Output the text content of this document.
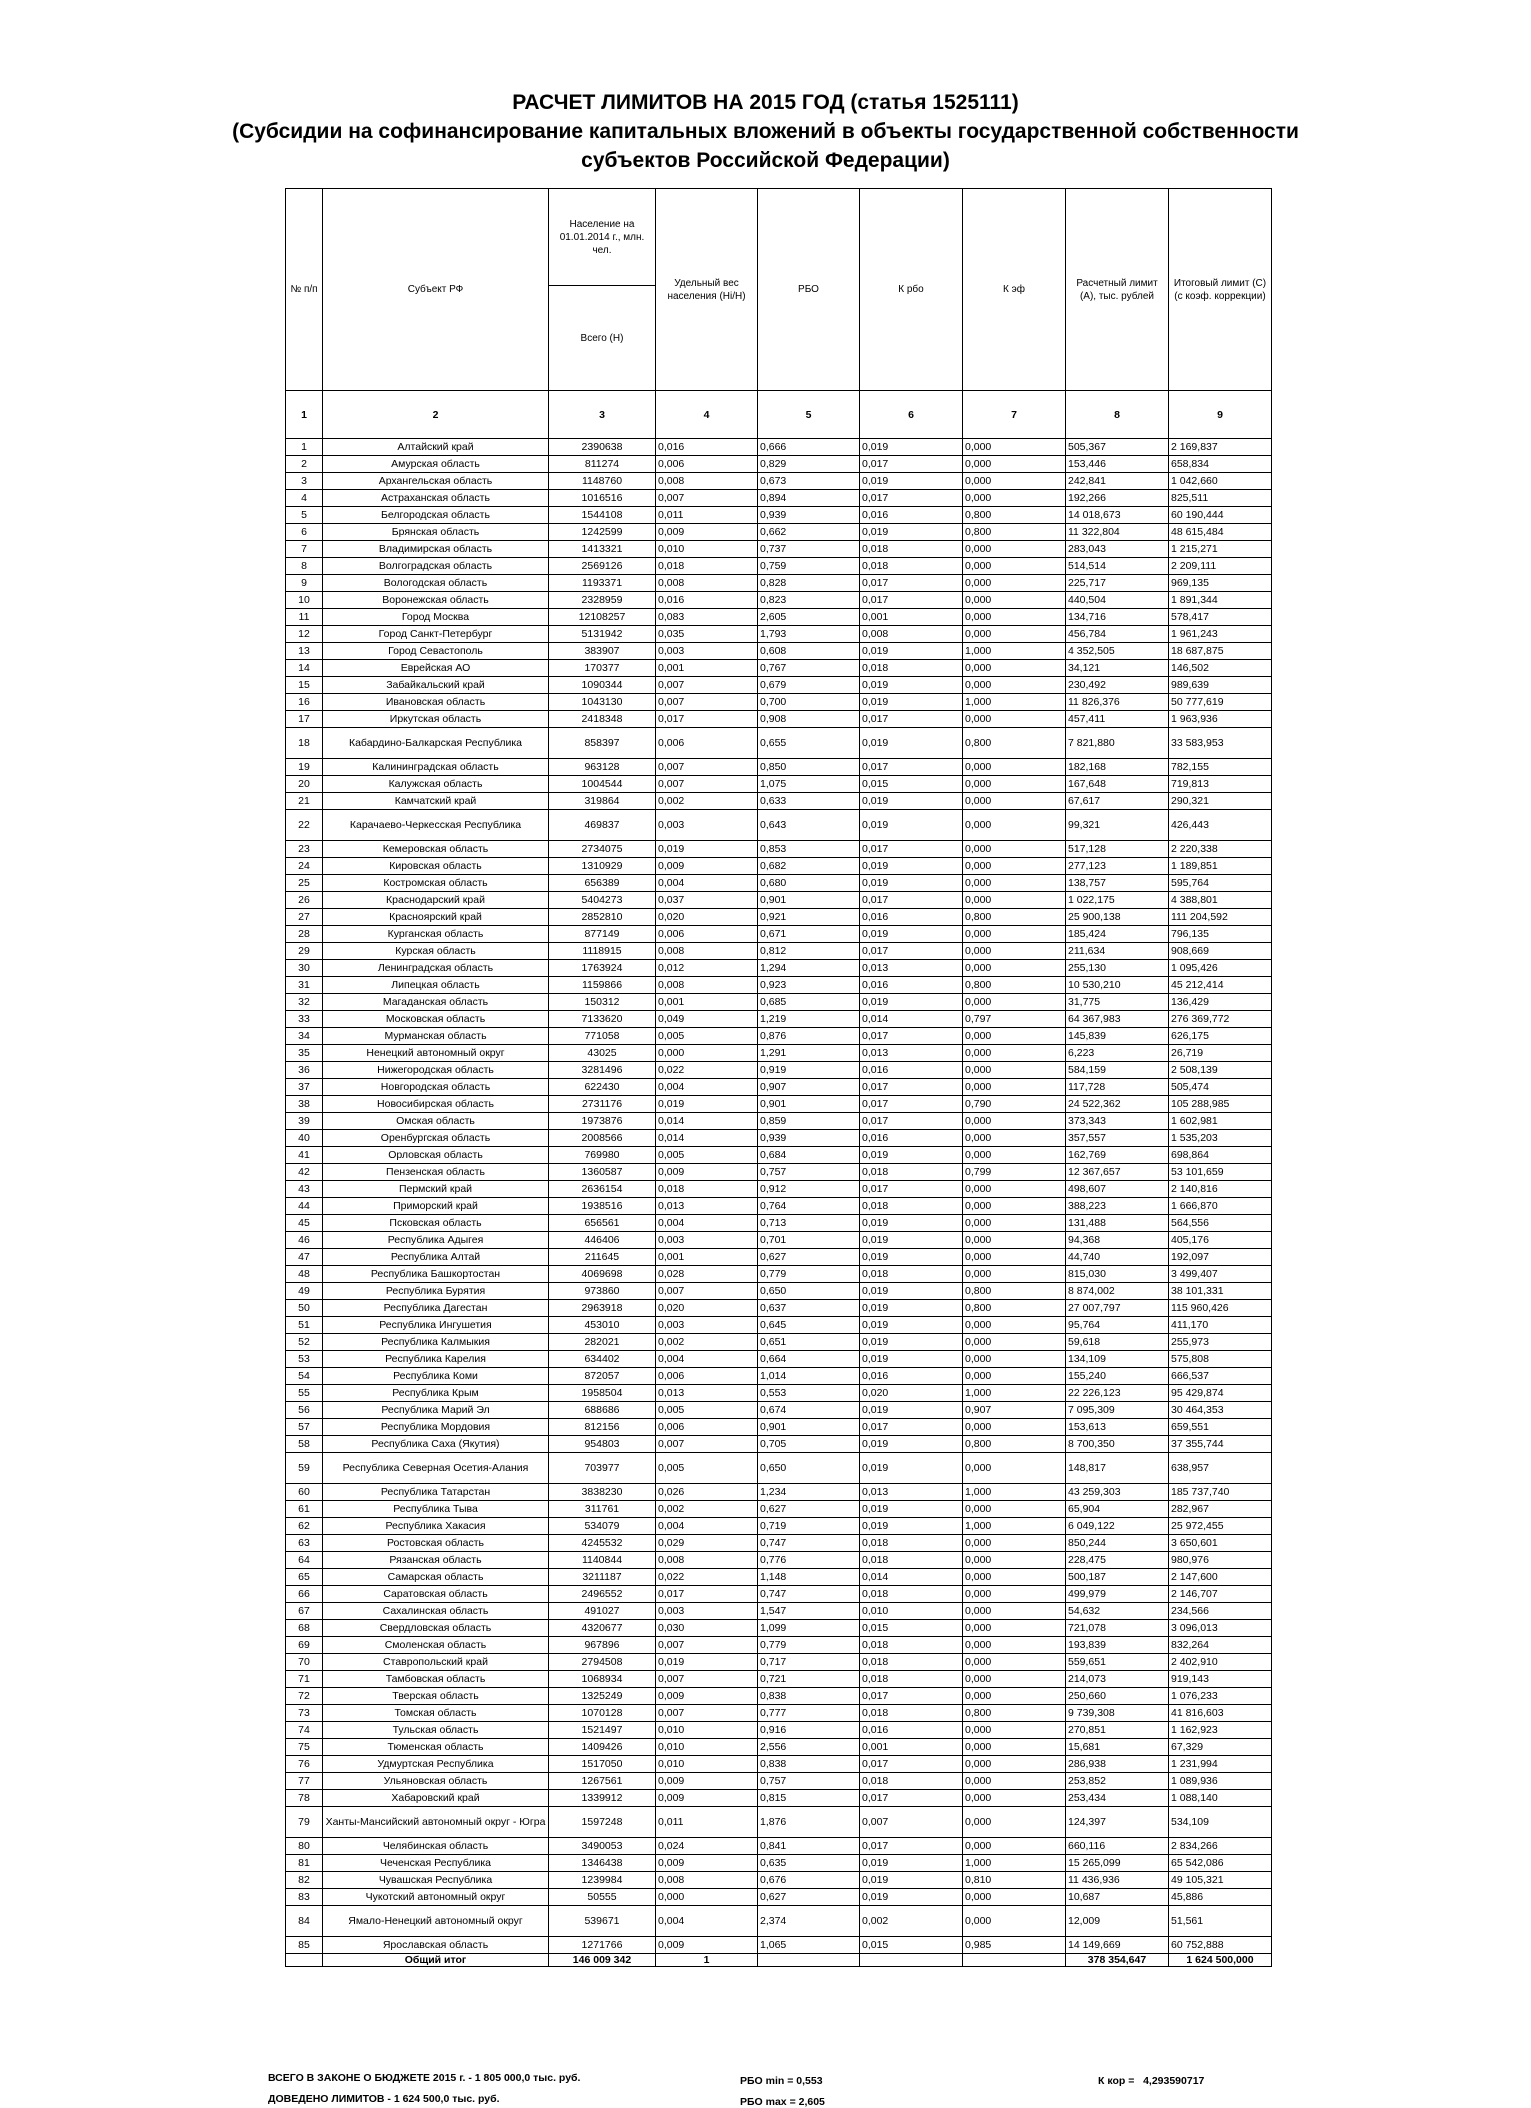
РАСЧЕТ ЛИМИТОВ НА 2015 ГОД (статья 1525111)
(Субсидии на софинансирование капитальных вложений в объекты государственной собственности
субъектов Российской Федерации)
№ п/п	Субъект РФ	Население на 01.01.2014 г., млн. чел.	Удельный вес населения (Нi/Н)	РБО	К рбо	К эф	Расчетный лимит (А), тыс. рублей	Итоговый лимит (С) (с коэф. коррекции)
		Всего (Н)						
1	2	3	4	5	6	7	8	9
1	Алтайский край	2390638	0,016	0,666	0,019	0,000	505,367	2 169,837
2	Амурская область	811274	0,006	0,829	0,017	0,000	153,446	658,834
3	Архангельская область	1148760	0,008	0,673	0,019	0,000	242,841	1 042,660
4	Астраханская область	1016516	0,007	0,894	0,017	0,000	192,266	825,511
5	Белгородская область	1544108	0,011	0,939	0,016	0,800	14 018,673	60 190,444
6	Брянская область	1242599	0,009	0,662	0,019	0,800	11 322,804	48 615,484
7	Владимирская область	1413321	0,010	0,737	0,018	0,000	283,043	1 215,271
8	Волгоградская область	2569126	0,018	0,759	0,018	0,000	514,514	2 209,111
9	Вологодская область	1193371	0,008	0,828	0,017	0,000	225,717	969,135
10	Воронежская область	2328959	0,016	0,823	0,017	0,000	440,504	1 891,344
11	Город Москва	12108257	0,083	2,605	0,001	0,000	134,716	578,417
12	Город Санкт-Петербург	5131942	0,035	1,793	0,008	0,000	456,784	1 961,243
13	Город Севастополь	383907	0,003	0,608	0,019	1,000	4 352,505	18 687,875
14	Еврейская АО	170377	0,001	0,767	0,018	0,000	34,121	146,502
15	Забайкальский край	1090344	0,007	0,679	0,019	0,000	230,492	989,639
16	Ивановская область	1043130	0,007	0,700	0,019	1,000	11 826,376	50 777,619
17	Иркутская область	2418348	0,017	0,908	0,017	0,000	457,411	1 963,936
18	Кабардино-Балкарская Республика	858397	0,006	0,655	0,019	0,800	7 821,880	33 583,953
19	Калининградская область	963128	0,007	0,850	0,017	0,000	182,168	782,155
20	Калужская область	1004544	0,007	1,075	0,015	0,000	167,648	719,813
21	Камчатский край	319864	0,002	0,633	0,019	0,000	67,617	290,321
22	Карачаево-Черкесская Республика	469837	0,003	0,643	0,019	0,000	99,321	426,443
23	Кемеровская область	2734075	0,019	0,853	0,017	0,000	517,128	2 220,338
24	Кировская область	1310929	0,009	0,682	0,019	0,000	277,123	1 189,851
25	Костромская область	656389	0,004	0,680	0,019	0,000	138,757	595,764
26	Краснодарский край	5404273	0,037	0,901	0,017	0,000	1 022,175	4 388,801
27	Красноярский край	2852810	0,020	0,921	0,016	0,800	25 900,138	111 204,592
28	Курганская область	877149	0,006	0,671	0,019	0,000	185,424	796,135
29	Курская область	1118915	0,008	0,812	0,017	0,000	211,634	908,669
30	Ленинградская область	1763924	0,012	1,294	0,013	0,000	255,130	1 095,426
31	Липецкая область	1159866	0,008	0,923	0,016	0,800	10 530,210	45 212,414
32	Магаданская область	150312	0,001	0,685	0,019	0,000	31,775	136,429
33	Московская область	7133620	0,049	1,219	0,014	0,797	64 367,983	276 369,772
34	Мурманская область	771058	0,005	0,876	0,017	0,000	145,839	626,175
35	Ненецкий автономный округ	43025	0,000	1,291	0,013	0,000	6,223	26,719
36	Нижегородская область	3281496	0,022	0,919	0,016	0,000	584,159	2 508,139
37	Новгородская область	622430	0,004	0,907	0,017	0,000	117,728	505,474
38	Новосибирская область	2731176	0,019	0,901	0,017	0,790	24 522,362	105 288,985
39	Омская область	1973876	0,014	0,859	0,017	0,000	373,343	1 602,981
40	Оренбургская область	2008566	0,014	0,939	0,016	0,000	357,557	1 535,203
41	Орловская область	769980	0,005	0,684	0,019	0,000	162,769	698,864
42	Пензенская область	1360587	0,009	0,757	0,018	0,799	12 367,657	53 101,659
43	Пермский край	2636154	0,018	0,912	0,017	0,000	498,607	2 140,816
44	Приморский край	1938516	0,013	0,764	0,018	0,000	388,223	1 666,870
45	Псковская область	656561	0,004	0,713	0,019	0,000	131,488	564,556
46	Республика Адыгея	446406	0,003	0,701	0,019	0,000	94,368	405,176
47	Республика Алтай	211645	0,001	0,627	0,019	0,000	44,740	192,097
48	Республика Башкортостан	4069698	0,028	0,779	0,018	0,000	815,030	3 499,407
49	Республика Бурятия	973860	0,007	0,650	0,019	0,800	8 874,002	38 101,331
50	Республика Дагестан	2963918	0,020	0,637	0,019	0,800	27 007,797	115 960,426
51	Республика Ингушетия	453010	0,003	0,645	0,019	0,000	95,764	411,170
52	Республика Калмыкия	282021	0,002	0,651	0,019	0,000	59,618	255,973
53	Республика Карелия	634402	0,004	0,664	0,019	0,000	134,109	575,808
54	Республика Коми	872057	0,006	1,014	0,016	0,000	155,240	666,537
55	Республика Крым	1958504	0,013	0,553	0,020	1,000	22 226,123	95 429,874
56	Республика Марий Эл	688686	0,005	0,674	0,019	0,907	7 095,309	30 464,353
57	Республика Мордовия	812156	0,006	0,901	0,017	0,000	153,613	659,551
58	Республика Саха (Якутия)	954803	0,007	0,705	0,019	0,800	8 700,350	37 355,744
59	Республика Северная Осетия-Алания	703977	0,005	0,650	0,019	0,000	148,817	638,957
60	Республика Татарстан	3838230	0,026	1,234	0,013	1,000	43 259,303	185 737,740
61	Республика Тыва	311761	0,002	0,627	0,019	0,000	65,904	282,967
62	Республика Хакасия	534079	0,004	0,719	0,019	1,000	6 049,122	25 972,455
63	Ростовская область	4245532	0,029	0,747	0,018	0,000	850,244	3 650,601
64	Рязанская область	1140844	0,008	0,776	0,018	0,000	228,475	980,976
65	Самарская область	3211187	0,022	1,148	0,014	0,000	500,187	2 147,600
66	Саратовская область	2496552	0,017	0,747	0,018	0,000	499,979	2 146,707
67	Сахалинская область	491027	0,003	1,547	0,010	0,000	54,632	234,566
68	Свердловская область	4320677	0,030	1,099	0,015	0,000	721,078	3 096,013
69	Смоленская область	967896	0,007	0,779	0,018	0,000	193,839	832,264
70	Ставропольский край	2794508	0,019	0,717	0,018	0,000	559,651	2 402,910
71	Тамбовская область	1068934	0,007	0,721	0,018	0,000	214,073	919,143
72	Тверская область	1325249	0,009	0,838	0,017	0,000	250,660	1 076,233
73	Томская область	1070128	0,007	0,777	0,018	0,800	9 739,308	41 816,603
74	Тульская область	1521497	0,010	0,916	0,016	0,000	270,851	1 162,923
75	Тюменская область	1409426	0,010	2,556	0,001	0,000	15,681	67,329
76	Удмуртская Республика	1517050	0,010	0,838	0,017	0,000	286,938	1 231,994
77	Ульяновская область	1267561	0,009	0,757	0,018	0,000	253,852	1 089,936
78	Хабаровский край	1339912	0,009	0,815	0,017	0,000	253,434	1 088,140
79	Ханты-Мансийский автономный округ - Югра	1597248	0,011	1,876	0,007	0,000	124,397	534,109
80	Челябинская область	3490053	0,024	0,841	0,017	0,000	660,116	2 834,266
81	Чеченская Республика	1346438	0,009	0,635	0,019	1,000	15 265,099	65 542,086
82	Чувашская Республика	1239984	0,008	0,676	0,019	0,810	11 436,936	49 105,321
83	Чукотский автономный округ	50555	0,000	0,627	0,019	0,000	10,687	45,886
84	Ямало-Ненецкий автономный округ	539671	0,004	2,374	0,002	0,000	12,009	51,561
85	Ярославская область	1271766	0,009	1,065	0,015	0,985	14 149,669	60 752,888
	Общий итог	146 009 342	1				378 354,647	1 624 500,000
ВСЕГО В ЗАКОНЕ О БЮДЖЕТЕ 2015 г. - 1 805 000,0 тыс. руб.
ДОВЕДЕНО ЛИМИТОВ - 1 624 500,0 тыс. руб.
РБО min = 0,553
РБО max = 2,605
К кор =   4,293590717
